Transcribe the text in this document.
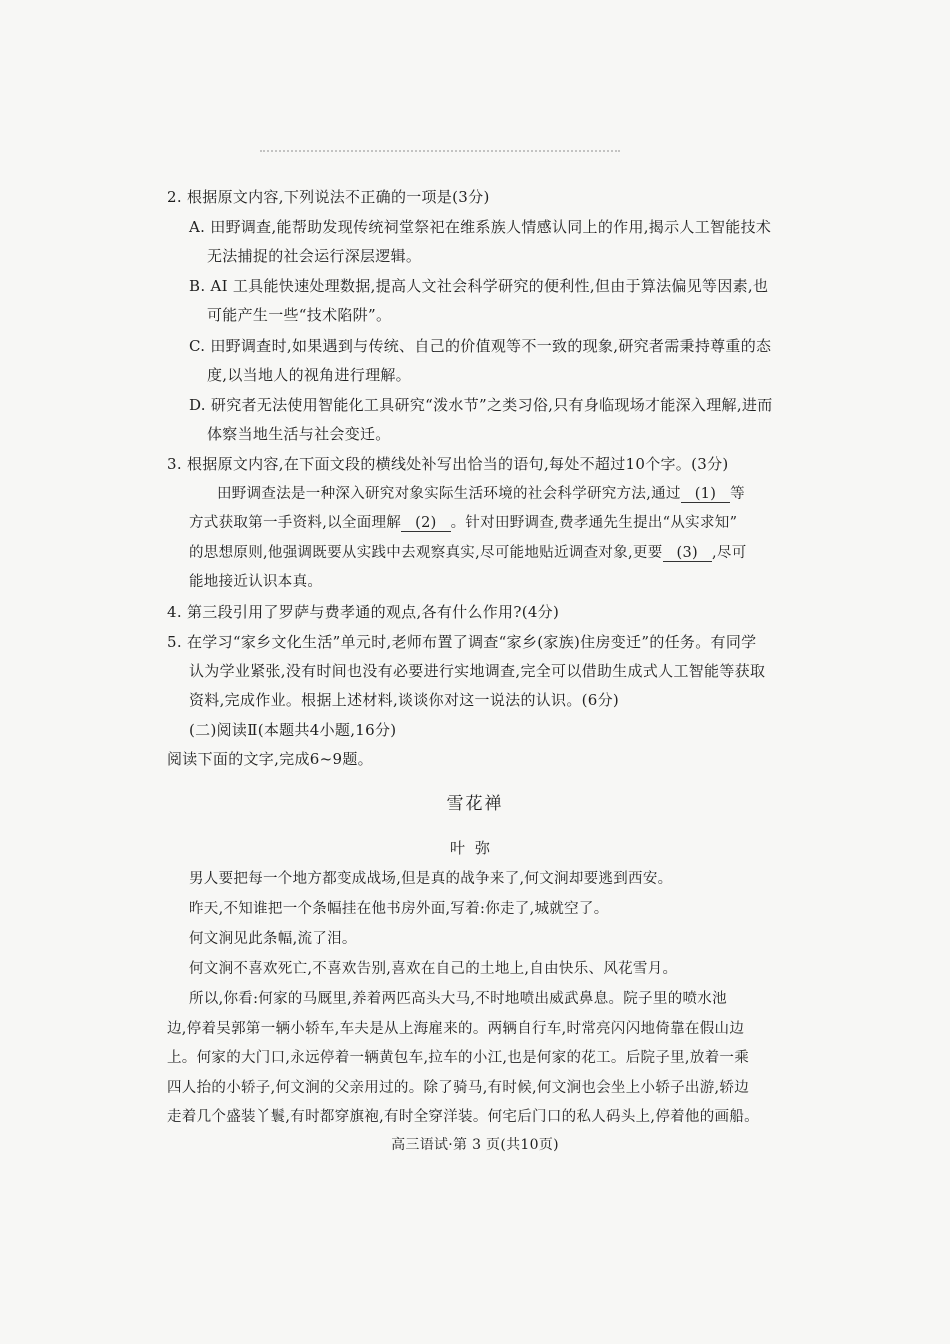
2. 根据原文内容,下列说法不正确的一项是(3分)
A. 田野调查,能帮助发现传统祠堂祭祀在维系族人情感认同上的作用,揭示人工智能技术
无法捕捉的社会运行深层逻辑。
B. AI 工具能快速处理数据,提高人文社会科学研究的便利性,但由于算法偏见等因素,也
可能产生一些“技术陷阱”。
C. 田野调查时,如果遇到与传统、自己的价值观等不一致的现象,研究者需秉持尊重的态
度,以当地人的视角进行理解。
D. 研究者无法使用智能化工具研究“泼水节”之类习俗,只有身临现场才能深入理解,进而
体察当地生活与社会变迁。
3. 根据原文内容,在下面文段的横线处补写出恰当的语句,每处不超过10个字。(3分)
田野调查法是一种深入研究对象实际生活环境的社会科学研究方法,通过 (1) 等
方式获取第一手资料,以全面理解 (2) 。针对田野调查,费孝通先生提出“从实求知”
的思想原则,他强调既要从实践中去观察真实,尽可能地贴近调查对象,更要 (3) ,尽可
能地接近认识本真。
4. 第三段引用了罗萨与费孝通的观点,各有什么作用?(4分)
5. 在学习“家乡文化生活”单元时,老师布置了调查“家乡(家族)住房变迁”的任务。有同学
认为学业紧张,没有时间也没有必要进行实地调查,完全可以借助生成式人工智能等获取
资料,完成作业。根据上述材料,谈谈你对这一说法的认识。(6分)
(二)阅读Ⅱ(本题共4小题,16分)
阅读下面的文字,完成6~9题。
雪花禅
叶弥
男人要把每一个地方都变成战场,但是真的战争来了,何文涧却要逃到西安。
昨天,不知谁把一个条幅挂在他书房外面,写着:你走了,城就空了。
何文涧见此条幅,流了泪。
何文涧不喜欢死亡,不喜欢告别,喜欢在自己的土地上,自由快乐、风花雪月。
所以,你看:何家的马厩里,养着两匹高头大马,不时地喷出威武鼻息。院子里的喷水池
边,停着吴郭第一辆小轿车,车夫是从上海雇来的。两辆自行车,时常亮闪闪地倚靠在假山边
上。何家的大门口,永远停着一辆黄包车,拉车的小江,也是何家的花工。后院子里,放着一乘
四人抬的小轿子,何文涧的父亲用过的。除了骑马,有时候,何文涧也会坐上小轿子出游,轿边
走着几个盛装丫鬟,有时都穿旗袍,有时全穿洋装。何宅后门口的私人码头上,停着他的画船。
高三语试·第 3 页(共10页)
